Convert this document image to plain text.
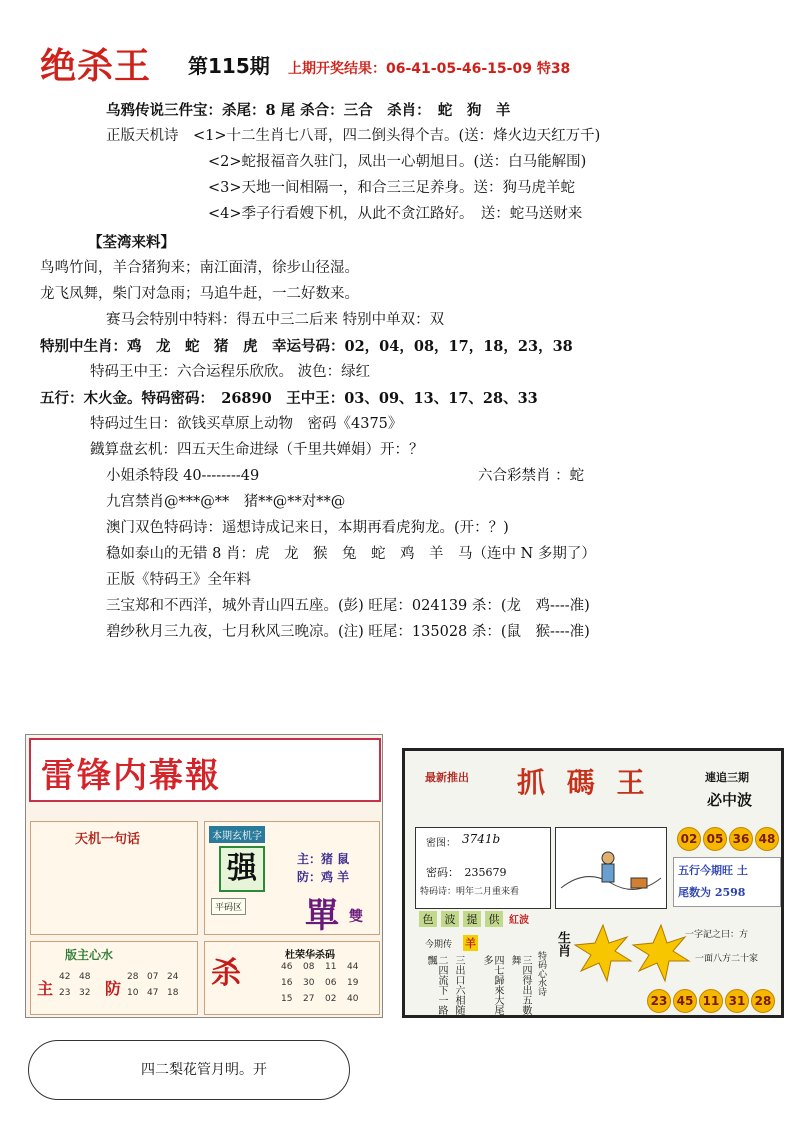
绝杀王 第115期 上期开奖结果：06-41-05-46-15-09 特38
乌鸦传说三件宝：杀尾：8 尾 杀合：三合　杀肖：　蛇　狗　羊
正版天机诗　<1>十二生肖七八哥，四二倒头得个吉。(送：烽火边天红万千)
<2>蛇报福音久驻门，凤出一心朝旭日。(送：白马能解围)
<3>天地一间相隔一，和合三三足养身。送：狗马虎羊蛇
<4>季子行看嫂下机，从此不贪江路好。　送：蛇马送财来
【荃湾来料】
鸟鸣竹间，羊合猪狗来；南江面清，徐步山径湿。
龙飞凤舞，柴门对急雨；马追牛赶，一二好数来。
赛马会特别中特料：得五中三二后来 特别中单双：双
特别中生肖：鸡　龙　蛇　猪　虎　幸运号码：02，04，08，17，18，23，38
特码王中王：六合运程乐欣欣。 波色：绿红
五行：木火金。特码密码：　26890　王中王：03、09、13、17、28、33
特码过生日：欲钱买草原上动物　密码《4375》
鐡算盘玄机：四五天生命进绿（千里共婵娟）开：？
小姐杀特段 40--------49	六合彩禁肖 ：蛇
九宫禁肖@***@**　猪**@**对**@
澳门双色特码诗：遥想诗成记来日，本期再看虎狗龙。(开：？)
稳如泰山的无错 8 肖：虎　龙　猴　兔　蛇　鸡　羊　马（连中 N 多期了）
正版《特码王》全年料
三宝郑和不西洋，城外青山四五座。(彭) 旺尾：024139 杀：(龙　鸡----准)
碧纱秋月三九夜，七月秋风三晚凉。(注) 旺尾：135028 杀：(鼠　猴----准)
雷锋内幕報
天机一句话	本期玄机字
强	主：猪 鼠
防：鸡 羊
平码区 單 雙
版主心水
主	防
42 48	28 07 24
23 32	10 47 18
杀
杜荣华杀码
46 08 11 44
16 30 06 19
15 27 02 40
最新推出 抓 碼 王	連追三期
必中波
密图： 3741b
密码：　235679
特码诗：明年二月重来看
02 05 36 48
五行今期旺 土
尾数为 2598
色	波	提	供 紅波
今期传 羊	生肖
二四流下一路飄	三出口六相随	四七歸來大尾多	三四得出五數舞	特码心水诗
一字記之曰：方
一面八方二十家
23 45 11 31 28
四二梨花管月明。开
